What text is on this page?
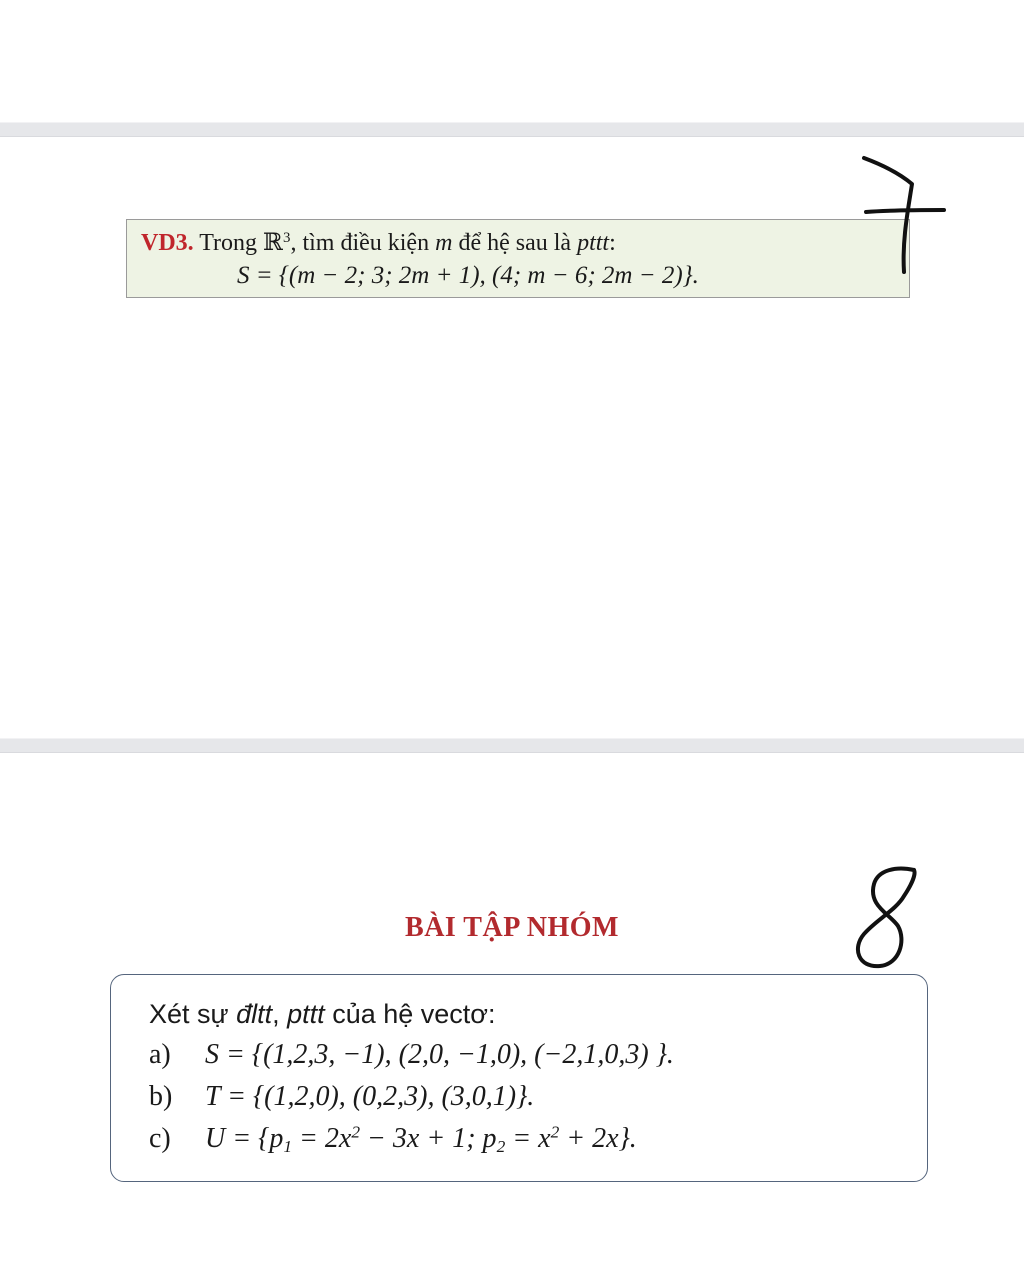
VD3. Trong ℝ$^3$, tìm điều kiện m để hệ sau là pttt:
S = {(m − 2; 3; 2m + 1), (4; m − 6; 2m − 2)}.
BÀI TẬP NHÓM
Xét sự đltt, pttt của hệ vectơ:
a) S = {(1,2,3, −1), (2,0, −1,0), (−2,1,0,3) }.
b) T = {(1,2,0), (0,2,3), (3,0,1)}.
c) $U = \{p_1 = 2x^2 - 3x + 1$; $p_2 = x^2 + 2x$}.
